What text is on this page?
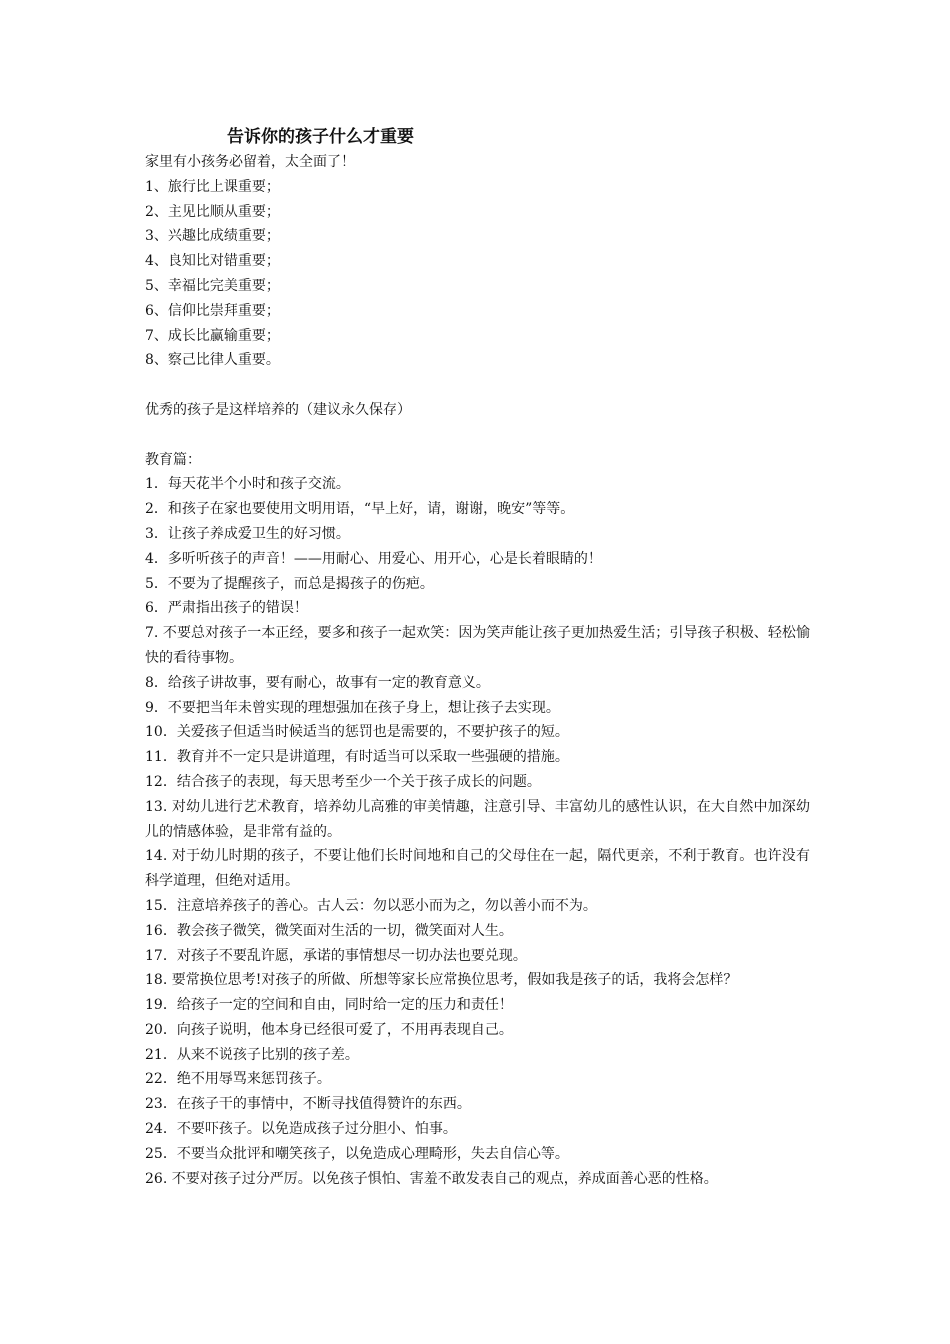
告诉你的孩子什么才重要

家里有小孩务必留着，太全面了！

1、旅行比上课重要；

2、主见比顺从重要；

3、兴趣比成绩重要；

4、良知比对错重要；

5、幸福比完美重要；

6、信仰比崇拜重要；

7、成长比赢输重要；

8、察己比律人重要。

优秀的孩子是这样培养的（建议永久保存）

教育篇：

1．每天花半个小时和孩子交流。

2．和孩子在家也要使用文明用语，“早上好，请，谢谢，晚安”等等。

3．让孩子养成爱卫生的好习惯。

4．多听听孩子的声音！——用耐心、用爱心、用开心，心是长着眼睛的！

5．不要为了提醒孩子，而总是揭孩子的伤疤。

6．严肃指出孩子的错误！

7. 不要总对孩子一本正经，要多和孩子一起欢笑：因为笑声能让孩子更加热爱生活；引导孩子积极、轻松愉快的看待事物。

8．给孩子讲故事，要有耐心，故事有一定的教育意义。

9．不要把当年未曾实现的理想强加在孩子身上，想让孩子去实现。

10．关爱孩子但适当时候适当的惩罚也是需要的，不要护孩子的短。

11．教育并不一定只是讲道理，有时适当可以采取一些强硬的措施。

12．结合孩子的表现，每天思考至少一个关于孩子成长的问题。

13. 对幼儿进行艺术教育，培养幼儿高雅的审美情趣，注意引导、丰富幼儿的感性认识，在大自然中加深幼儿的情感体验，是非常有益的。

14. 对于幼儿时期的孩子，不要让他们长时间地和自己的父母住在一起，隔代更亲，不利于教育。也许没有科学道理，但绝对适用。

15．注意培养孩子的善心。古人云：勿以恶小而为之，勿以善小而不为。

16．教会孩子微笑，微笑面对生活的一切，微笑面对人生。

17．对孩子不要乱许愿，承诺的事情想尽一切办法也要兑现。

18. 要常换位思考!对孩子的所做、所想等家长应常换位思考，假如我是孩子的话，我将会怎样？

19．给孩子一定的空间和自由，同时给一定的压力和责任！

20．向孩子说明，他本身已经很可爱了，不用再表现自己。

21．从来不说孩子比别的孩子差。

22．绝不用辱骂来惩罚孩子。

23．在孩子干的事情中，不断寻找值得赞许的东西。

24．不要吓孩子。以免造成孩子过分胆小、怕事。

25．不要当众批评和嘲笑孩子，以免造成心理畸形，失去自信心等。

26. 不要对孩子过分严厉。以免孩子惧怕、害羞不敢发表自己的观点，养成面善心恶的性格。
